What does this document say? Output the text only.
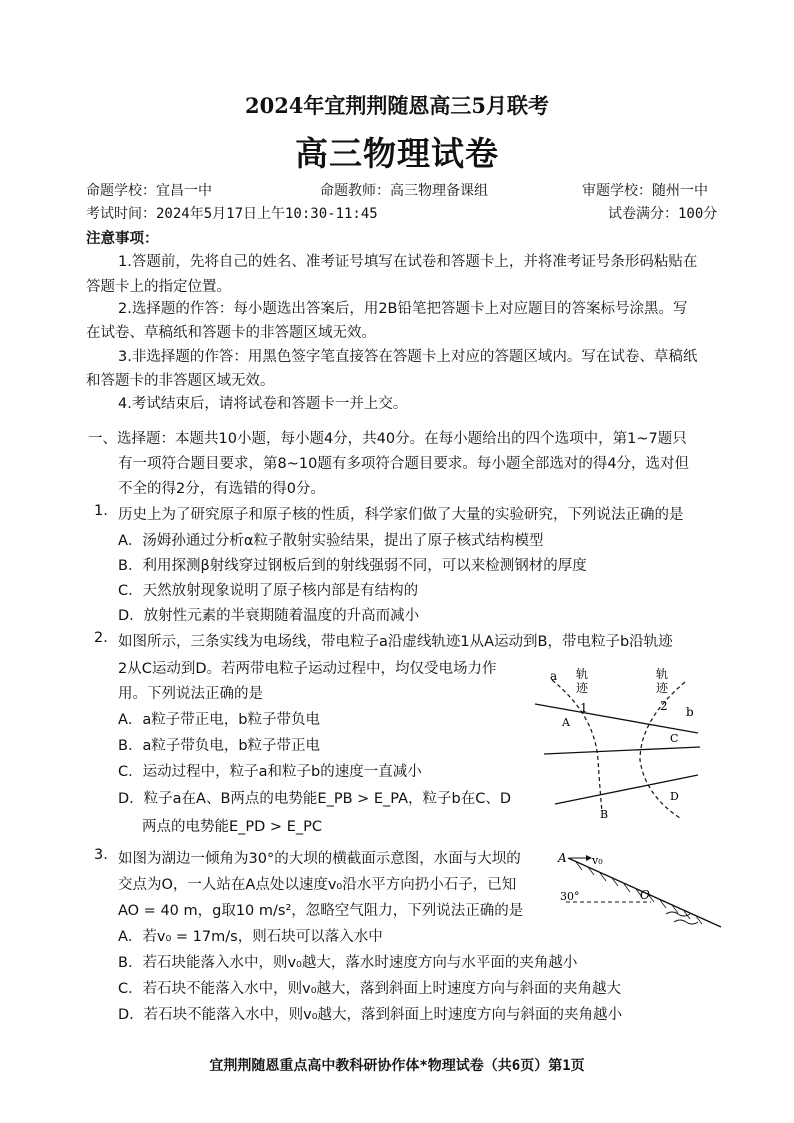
2024年宜荆荆随恩高三5月联考
高三物理试卷
命题学校：宜昌一中	命题教师：高三物理备课组	审题学校：随州一中
考试时间：2024年5月17日上午10:30-11:45	试卷满分：100分
注意事项：
1.答题前，先将自己的姓名、准考证号填写在试卷和答题卡上，并将准考证号条形码粘贴在
答题卡上的指定位置。
2.选择题的作答：每小题选出答案后，用2B铅笔把答题卡上对应题目的答案标号涂黑。写
在试卷、草稿纸和答题卡的非答题区域无效。
3.非选择题的作答：用黑色签字笔直接答在答题卡上对应的答题区域内。写在试卷、草稿纸
和答题卡的非答题区域无效。
4.考试结束后，请将试卷和答题卡一并上交。
一、选择题：本题共10小题，每小题4分，共40分。在每小题给出的四个选项中，第1~7题只
有一项符合题目要求，第8~10题有多项符合题目要求。每小题全部选对的得4分，选对但
不全的得2分，有选错的得0分。
1. 历史上为了研究原子和原子核的性质，科学家们做了大量的实验研究，下列说法正确的是
A．汤姆孙通过分析α粒子散射实验结果，提出了原子核式结构模型
B．利用探测β射线穿过钢板后到的射线强弱不同，可以来检测钢材的厚度
C．天然放射现象说明了原子核内部是有结构的
D．放射性元素的半衰期随着温度的升高而减小
2. 如图所示，三条实线为电场线，带电粒子a沿虚线轨迹1从A运动到B，带电粒子b沿轨迹
2从C运动到D。若两带电粒子运动过程中，均仅受电场力作
用。下列说法正确的是
A．a粒子带正电，b粒子带负电
B．a粒子带负电，b粒子带正电
C．运动过程中，粒子a和粒子b的速度一直减小
D．粒子a在A、B两点的电势能E_PB > E_PA，粒子b在C、D
两点的电势能E_PD > E_PC
a 轨
迹
1
轨
迹
2 b
A
C
B
D
3. 如图为湖边一倾角为30°的大坝的横截面示意图，水面与大坝的
交点为O，一人站在A点处以速度v₀沿水平方向扔小石子，已知
AO = 40 m，g取10 m/s²，忽略空气阻力，下列说法正确的是
A．若v₀ = 17m/s，则石块可以落入水中
B．若石块能落入水中，则v₀越大，落水时速度方向与水平面的夹角越小
C．若石块不能落入水中，则v₀越大，落到斜面上时速度方向与斜面的夹角越大
D．若石块不能落入水中，则v₀越大，落到斜面上时速度方向与斜面的夹角越小
A v₀
O
30°
宜荆荆随恩重点高中教科研协作体*物理试卷（共6页）第1页
